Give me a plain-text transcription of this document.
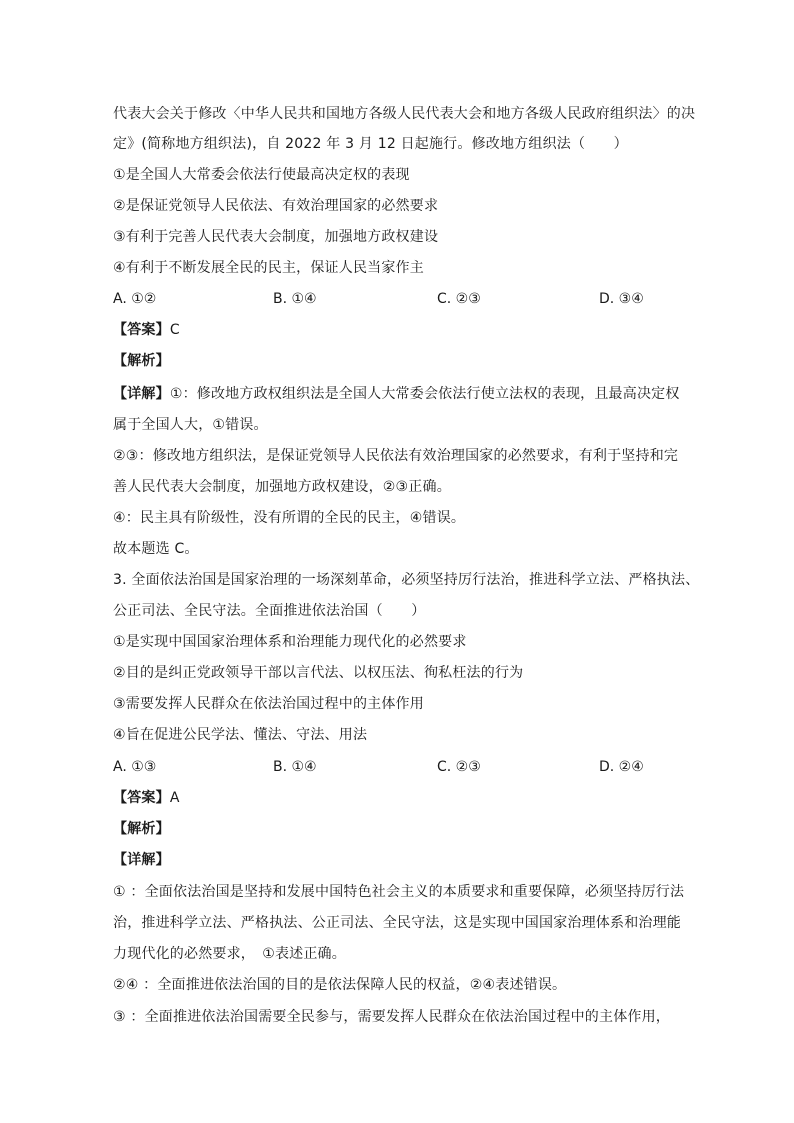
代表大会关于修改〈中华人民共和国地方各级人民代表大会和地方各级人民政府组织法〉的决
定》(简称地方组织法)，自 2022 年 3 月 12 日起施行。修改地方组织法（　　）
①是全国人大常委会依法行使最高决定权的表现
②是保证党领导人民依法、有效治理国家的必然要求
③有利于完善人民代表大会制度，加强地方政权建设
④有利于不断发展全民的民主，保证人民当家作主
A. ①②	B. ①④	C. ②③	D. ③④
【答案】C
【解析】
【详解】①：修改地方政权组织法是全国人大常委会依法行使立法权的表现，且最高决定权
属于全国人大，①错误。
②③：修改地方组织法，是保证党领导人民依法有效治理国家的必然要求，有利于坚持和完
善人民代表大会制度，加强地方政权建设，②③正确。
④：民主具有阶级性，没有所谓的全民的民主，④错误。
故本题选 C。
3. 全面依法治国是国家治理的一场深刻革命，必须坚持厉行法治，推进科学立法、严格执法、
公正司法、全民守法。全面推进依法治国（　　）
①是实现中国国家治理体系和治理能力现代化的必然要求
②目的是纠正党政领导干部以言代法、以权压法、徇私枉法的行为
③需要发挥人民群众在依法治国过程中的主体作用
④旨在促进公民学法、懂法、守法、用法
A. ①③	B. ①④	C. ②③	D. ②④
【答案】A
【解析】
【详解】
① ：全面依法治国是坚持和发展中国特色社会主义的本质要求和重要保障，必须坚持厉行法
治，推进科学立法、严格执法、公正司法、全民守法，这是实现中国国家治理体系和治理能
力现代化的必然要求，　①表述正确。
②④ ：全面推进依法治国的目的是依法保障人民的权益，②④表述错误。
③ ：全面推进依法治国需要全民参与，需要发挥人民群众在依法治国过程中的主体作用，
